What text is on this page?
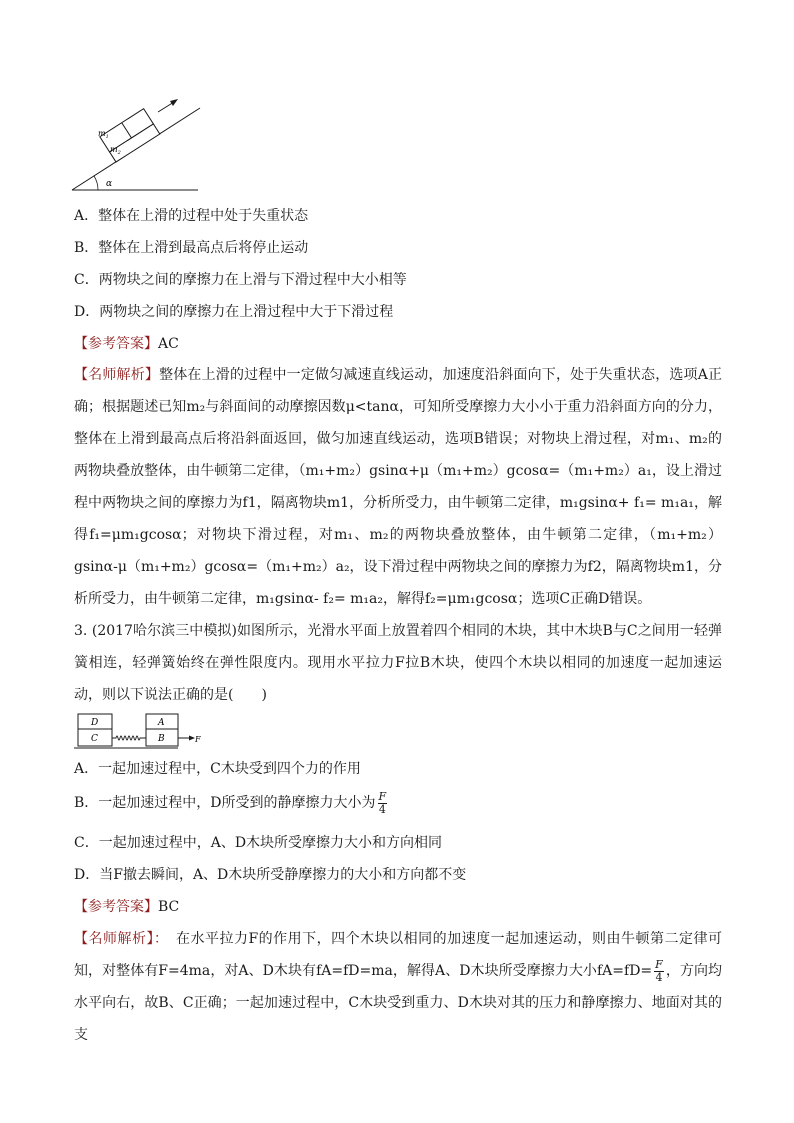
$m_1$
$m_2$
α
A．整体在上滑的过程中处于失重状态
B．整体在上滑到最高点后将停止运动
C．两物块之间的摩擦力在上滑与下滑过程中大小相等
D．两物块之间的摩擦力在上滑过程中大于下滑过程
【参考答案】AC
【名师解析】整体在上滑的过程中一定做匀减速直线运动，加速度沿斜面向下，处于失重状态，选项A正确；根据题述已知m₂与斜面间的动摩擦因数μ<tanα，可知所受摩擦力大小小于重力沿斜面方向的分力，整体在上滑到最高点后将沿斜面返回，做匀加速直线运动，选项B错误；对物块上滑过程，对m₁、m₂的两物块叠放整体，由牛顿第二定律，（m₁+m₂）gsinα+μ（m₁+m₂）gcosα=（m₁+m₂）a₁，设上滑过程中两物块之间的摩擦力为f1，隔离物块m1，分析所受力，由牛顿第二定律，m₁gsinα+ f₁= m₁a₁，解得f₁=μm₁gcosα；对物块下滑过程，对m₁、m₂的两物块叠放整体，由牛顿第二定律，（m₁+m₂）gsinα-μ（m₁+m₂）gcosα=（m₁+m₂）a₂，设下滑过程中两物块之间的摩擦力为f2，隔离物块m1，分析所受力，由牛顿第二定律，m₁gsinα- f₂= m₁a₂，解得f₂=μm₁gcosα；选项C正确D错误。
3. (2017哈尔滨三中模拟)如图所示，光滑水平面上放置着四个相同的木块，其中木块B与C之间用一轻弹簧相连，轻弹簧始终在弹性限度内。现用水平拉力F拉B木块，使四个木块以相同的加速度一起加速运动，则以下说法正确的是(　　)
D
C
A
B	F
A．一起加速过程中，C木块受到四个力的作用
B．一起加速过程中，D所受到的静摩擦力大小为 $\frac{F}{4}$
C．一起加速过程中，A、D木块所受摩擦力大小和方向相同
D．当F撤去瞬间，A、D木块所受静摩擦力的大小和方向都不变
【参考答案】BC
【名师解析】：　在水平拉力F的作用下，四个木块以相同的加速度一起加速运动，则由牛顿第二定律可知，对整体有F=4ma，对A、D木块有fA=fD=ma，解得A、D木块所受摩擦力大小$fA=fD= \frac{F}{4}$ ，方向均水平向右，故B、C正确；一起加速过程中，C木块受到重力、D木块对其的压力和静摩擦力、地面对其的支
